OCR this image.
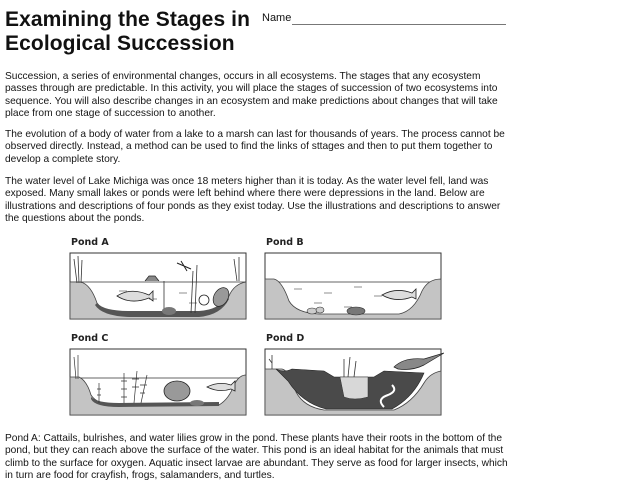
Examining the Stages in Ecological Succession
Name

Succession, a series of environmental changes, occurs in all ecosystems. The stages that any ecosystem passes through are predictable. In this activity, you will place the stages of succession of two ecosystems into sequence. You will also describe changes in an ecosystem and make predictions about changes that will take place from one stage of succession to another.

The evolution of a body of water from a lake to a marsh can last for thousands of years. The process cannot be observed directly. Instead, a method can be used to find the links of sttages and then to put them together to develop a complete story.

The water level of Lake Michiga was once 18 meters higher than it is today. As the water level fell, land was exposed. Many small lakes or ponds were left behind where there were depressions in the land. Below are illustrations and descriptions of four ponds as they exist today. Use the illustrations and descriptions to answer the questions about the ponds.

Pond A	Pond B
Pond C	Pond D

Pond A: Cattails, bulrishes, and water lilies grow in the pond. These plants have their roots in the bottom of the pond, but they can reach above the surface of the water. This pond is an ideal habitat for the animals that must climb to the surface for oxygen. Aquatic insect larvae are abundant. They serve as food for larger insects, which in turn are food for crayfish, frogs, salamanders, and turtles.
